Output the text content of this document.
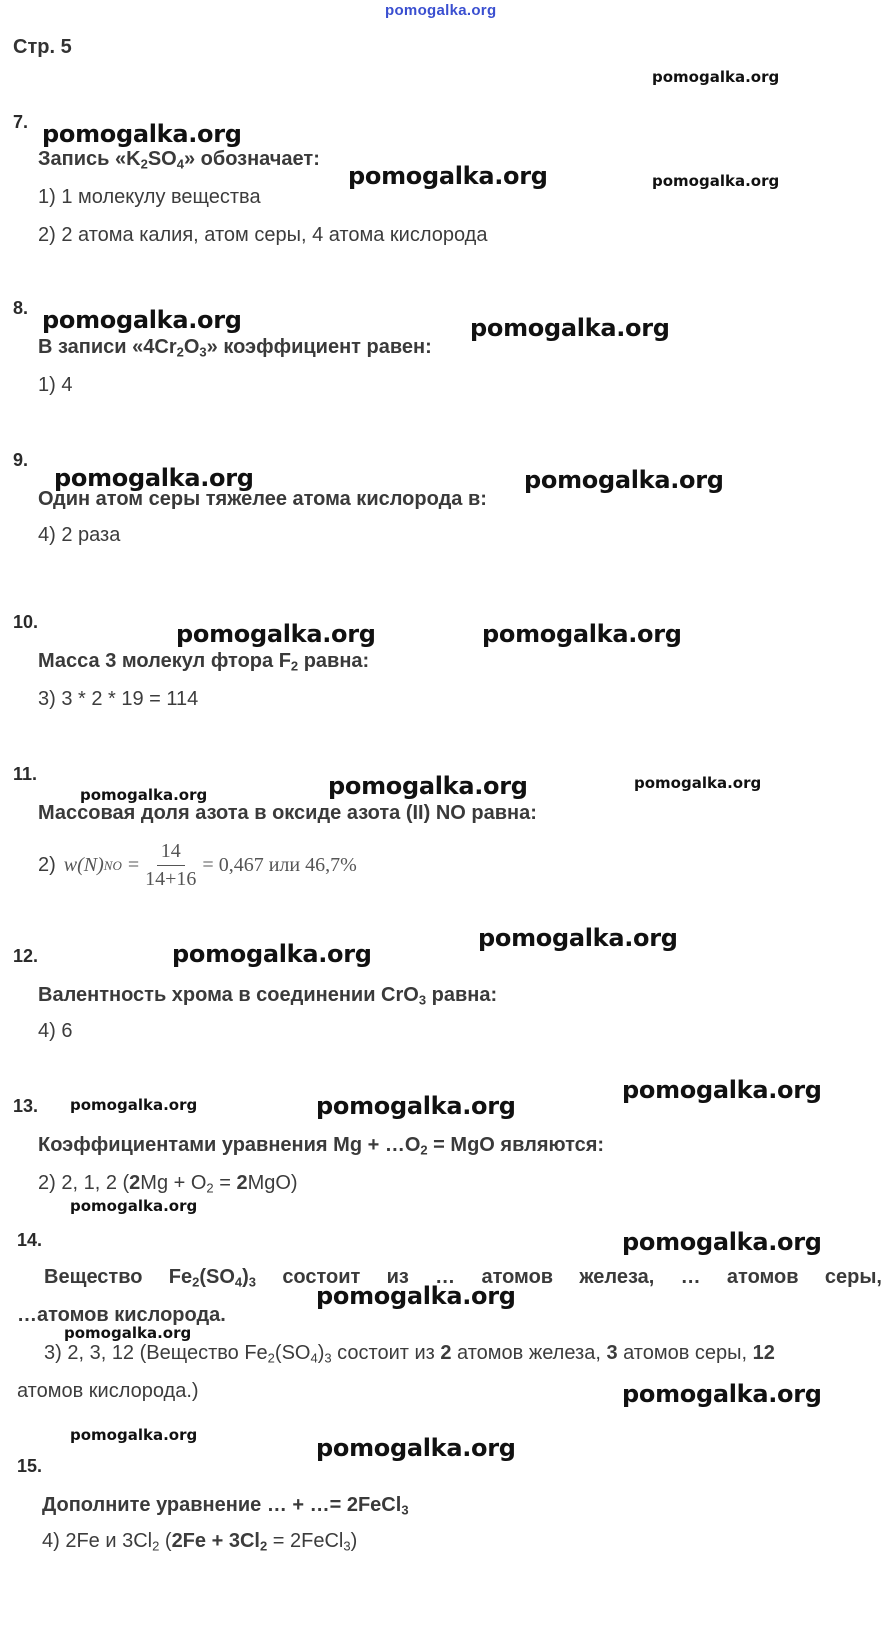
pomogalka.org
Стр. 5
pomogalka.org
pomogalka.org
pomogalka.org	pomogalka.org
pomogalka.org	pomogalka.org
pomogalka.org	pomogalka.org
pomogalka.org	pomogalka.org
pomogalka.org	pomogalka.org	pomogalka.org
pomogalka.org
pomogalka.org
pomogalka.org
pomogalka.org	pomogalka.org
pomogalka.org
pomogalka.org
pomogalka.org
pomogalka.org
pomogalka.org
pomogalka.org	pomogalka.org
7.
Запись «$K_2SO_4$» обозначает:
1) 1 молекулу вещества
2) 2 атома калия, атом серы, 4 атома кислорода
8.
В записи «$4Cr_2O_3$» коэффициент равен:
1) 4
9.
Один атом серы тяжелее атома кислорода в:
4) 2 раза
10.
Масса 3 молекул фтора $F_2$ равна:
3) 3 * 2 * 19 = 114
11.
Массовая доля азота в оксиде азота (II) NO равна:
2) w(N) NO = $\frac{14}{14+16} = 0,467$ или 46,7%
12.
Валентность хрома в соединении CrO$_3$ равна:
4) 6
13.
Коэффициентами уравнения $Mg + \dots O_2$ = MgO являются:
2) 2, 1, 2 $(2Mg + O_2 = 2MgO)$
14.
Вещество $Fe_2(SO_4)_3$ состоит из … атомов железа, … атомов серы,
…атомов кислорода.
3) 2, 3, 12 (Вещество $Fe_2(SO_4)_3$ состоит из 2 атомов железа, 3 атомов серы, 12
атомов кислорода.)
15.
Дополните уравнение … + …= 2FeCl$_3$
4) 2Fe и $3Cl_2$ ($2Fe + 3Cl_2$ = 2FeCl$_3$)
